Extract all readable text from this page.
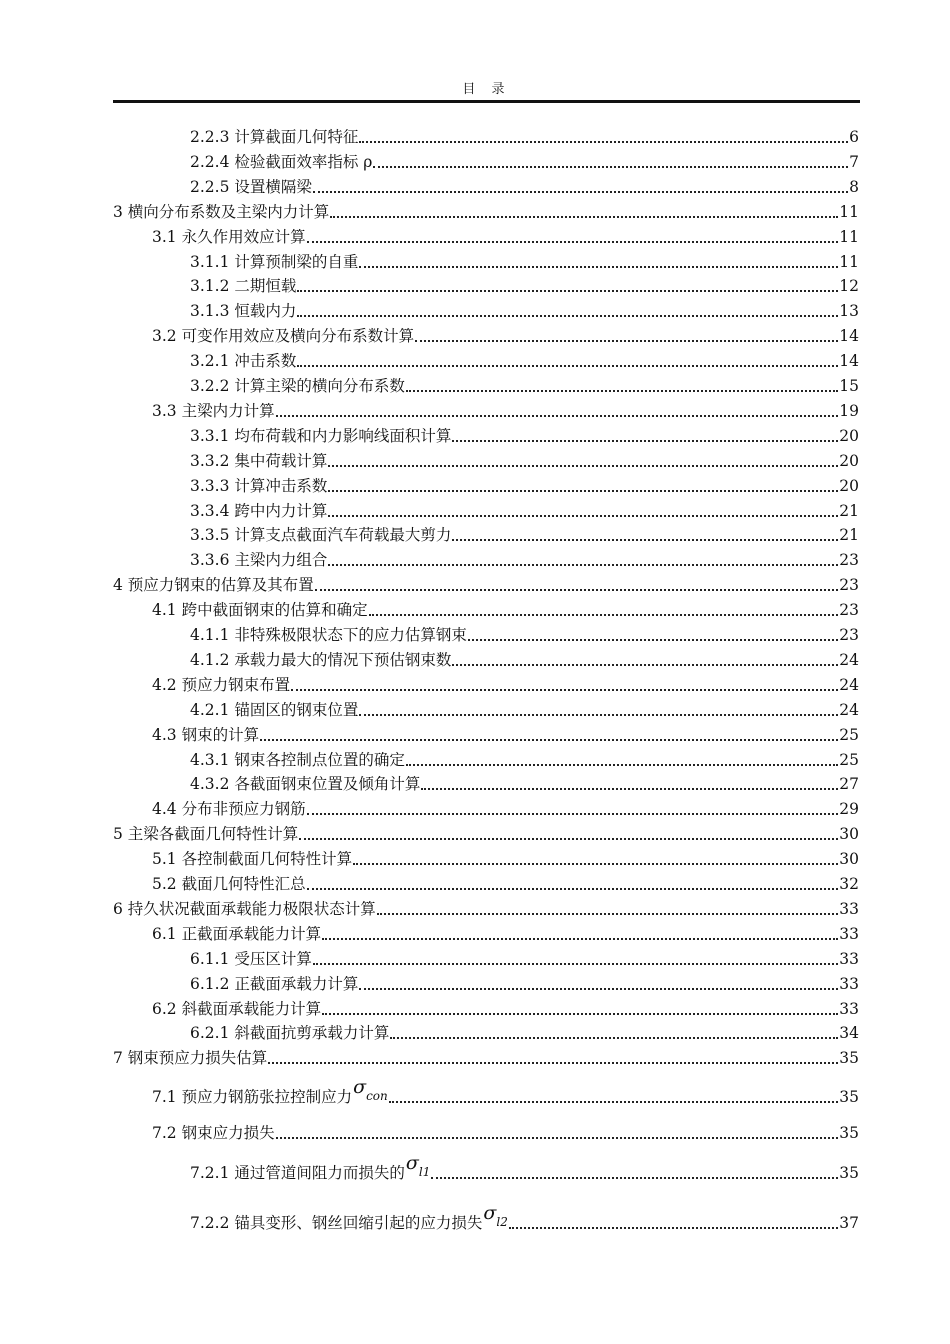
目 录
2.2.3 计算截面几何特征	6
2.2.4 检验截面效率指标 ρ	7
2.2.5 设置横隔梁	8
3 横向分布系数及主梁内力计算	11
3.1 永久作用效应计算	11
3.1.1 计算预制梁的自重	11
3.1.2 二期恒载	12
3.1.3 恒载内力	13
3.2 可变作用效应及横向分布系数计算	14
3.2.1 冲击系数	14
3.2.2 计算主梁的横向分布系数	15
3.3 主梁内力计算	19
3.3.1 均布荷载和内力影响线面积计算	20
3.3.2 集中荷载计算	20
3.3.3 计算冲击系数	20
3.3.4 跨中内力计算	21
3.3.5 计算支点截面汽车荷载最大剪力	21
3.3.6 主梁内力组合	23
4 预应力钢束的估算及其布置	23
4.1 跨中截面钢束的估算和确定	23
4.1.1 非特殊极限状态下的应力估算钢束	23
4.1.2 承载力最大的情况下预估钢束数	24
4.2 预应力钢束布置	24
4.2.1 锚固区的钢束位置	24
4.3 钢束的计算	25
4.3.1 钢束各控制点位置的确定	25
4.3.2 各截面钢束位置及倾角计算	27
4.4 分布非预应力钢筋	29
5 主梁各截面几何特性计算	30
5.1 各控制截面几何特性计算	30
5.2 截面几何特性汇总	32
6 持久状况截面承载能力极限状态计算	33
6.1 正截面承载能力计算	33
6.1.1 受压区计算	33
6.1.2 正截面承载力计算	33
6.2 斜截面承载能力计算	33
6.2.1 斜截面抗剪承载力计算	34
7 钢束预应力损失估算	35
7.1 预应力钢筋张拉控制应力 σcon	35
7.2 钢束应力损失	35
7.2.1 通过管道间阻力而损失的 σl1	35
7.2.2 锚具变形、钢丝回缩引起的应力损失 σl2	37
